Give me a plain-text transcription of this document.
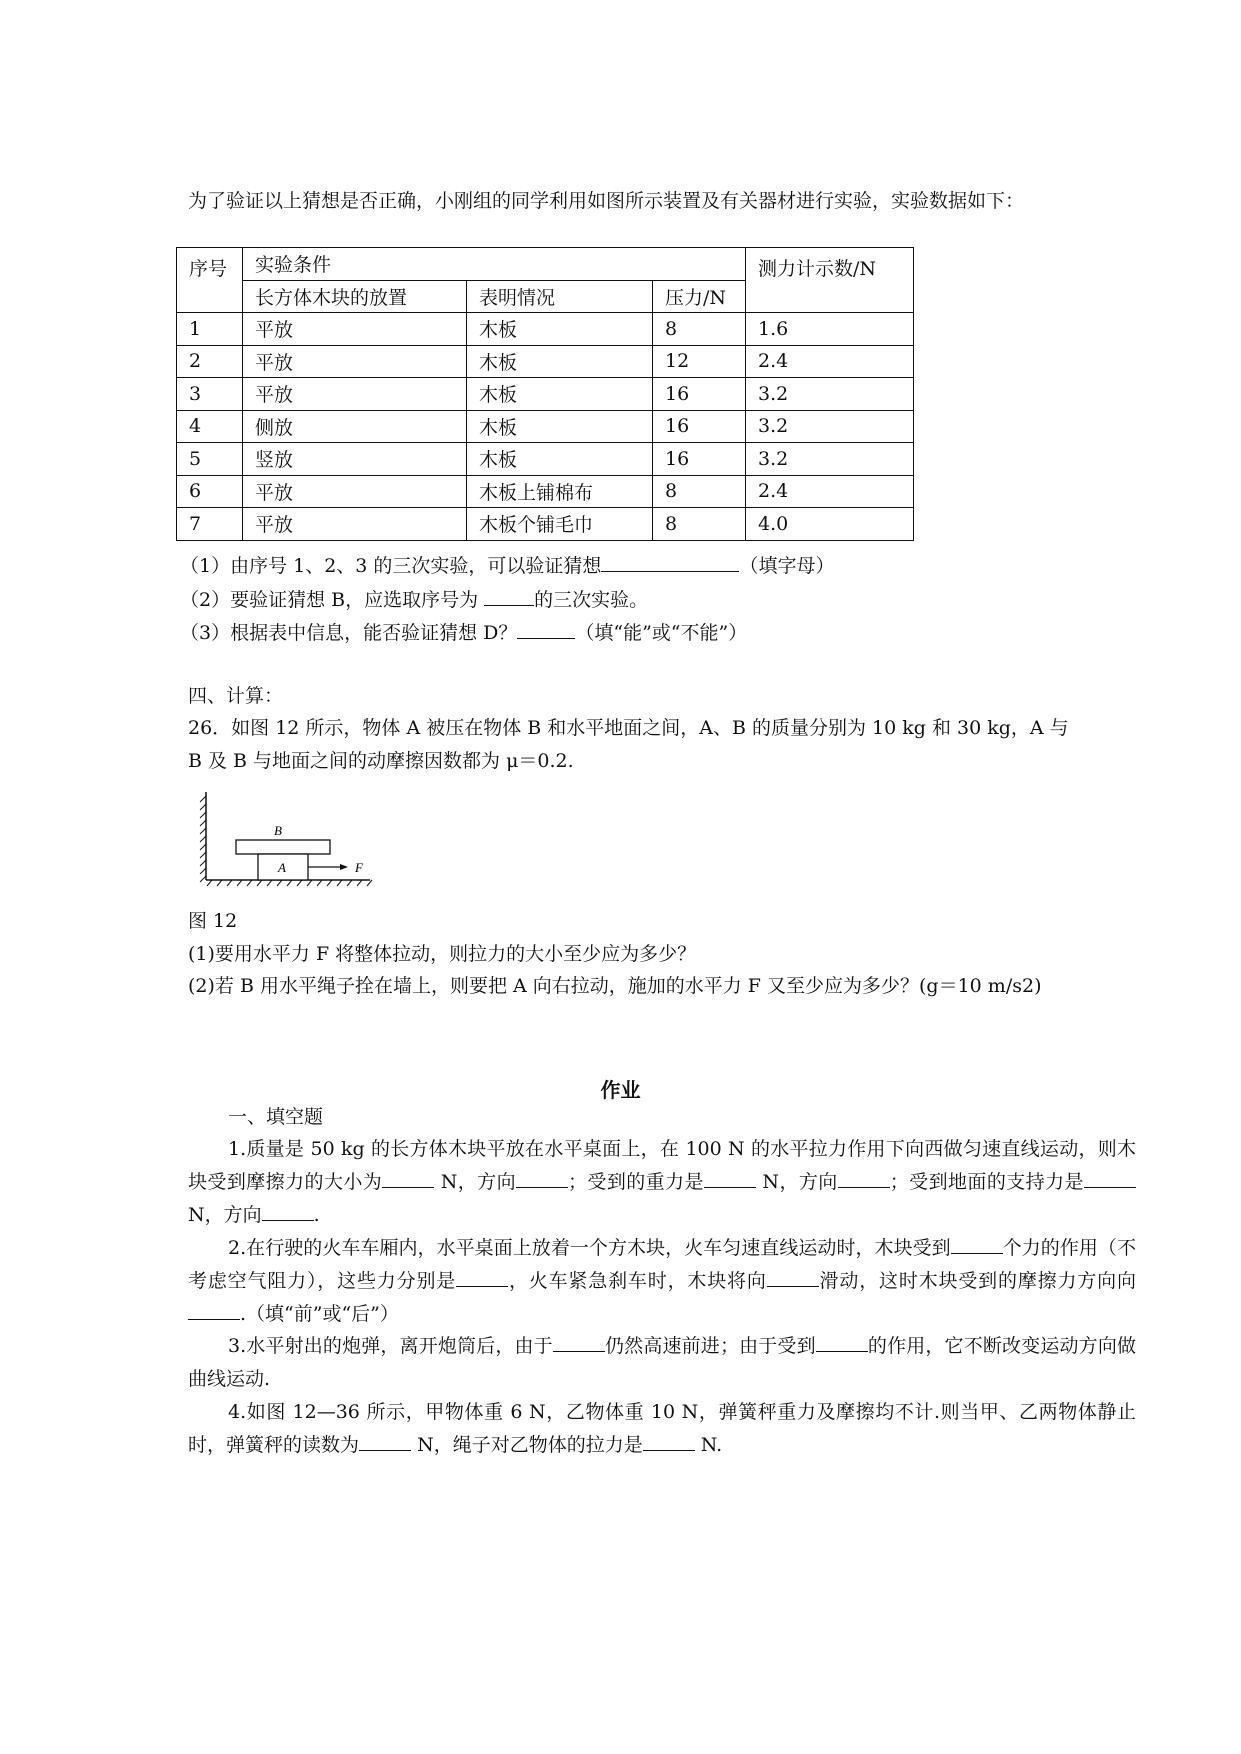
为了验证以上猜想是否正确，小刚组的同学利用如图所示装置及有关器材进行实验，实验数据如下：
序号	实验条件			测力计示数/N
	长方体木块的放置	表明情况	压力/N	
1	平放	木板	8	1.6
2	平放	木板	12	2.4
3	平放	木板	16	3.2
4	侧放	木板	16	3.2
5	竖放	木板	16	3.2
6	平放	木板上铺棉布	8	2.4
7	平放	木板个铺毛巾	8	4.0
（1）由序号 1、2、3 的三次实验，可以验证猜想	（填字母）
（2）要验证猜想 B，应选取序号为	的三次实验。
（3）根据表中信息，能否验证猜想 D？	（填“能”或“不能”）
四、计算：
26．如图 12 所示，物体 A 被压在物体 B 和水平地面之间，A、B 的质量分别为 10 kg 和 30 kg，A 与
B 及 B 与地面之间的动摩擦因数都为 μ＝0.2.
B
A	F
图 12
(1)要用水平力 F 将整体拉动，则拉力的大小至少应为多少？
(2)若 B 用水平绳子拴在墙上，则要把 A 向右拉动，施加的水平力 F 又至少应为多少？(g＝10 m/s2)
作业
一、填空题
1.质量是 50 kg 的长方体木块平放在水平桌面上，在 100 N 的水平拉力作用下向西做匀速直线运动，则木块受到摩擦力的大小为	N，方向	；受到的重力是	N，方向	；受到地面的支持力是 N，方向	.
2.在行驶的火车车厢内，水平桌面上放着一个方木块，火车匀速直线运动时，木块受到	个力的作用（不考虑空气阻力），这些力分别是	，火车紧急刹车时，木块将向	滑动，这时木块受到的摩擦力方向向.（填“前”或“后”）
3.水平射出的炮弹，离开炮筒后，由于	仍然高速前进；由于受到	的作用，它不断改变运动方向做曲线运动.
4.如图 12—36 所示，甲物体重 6 N，乙物体重 10 N，弹簧秤重力及摩擦均不计.则当甲、乙两物体静止时，弹簧秤的读数为	N，绳子对乙物体的拉力是	N.
